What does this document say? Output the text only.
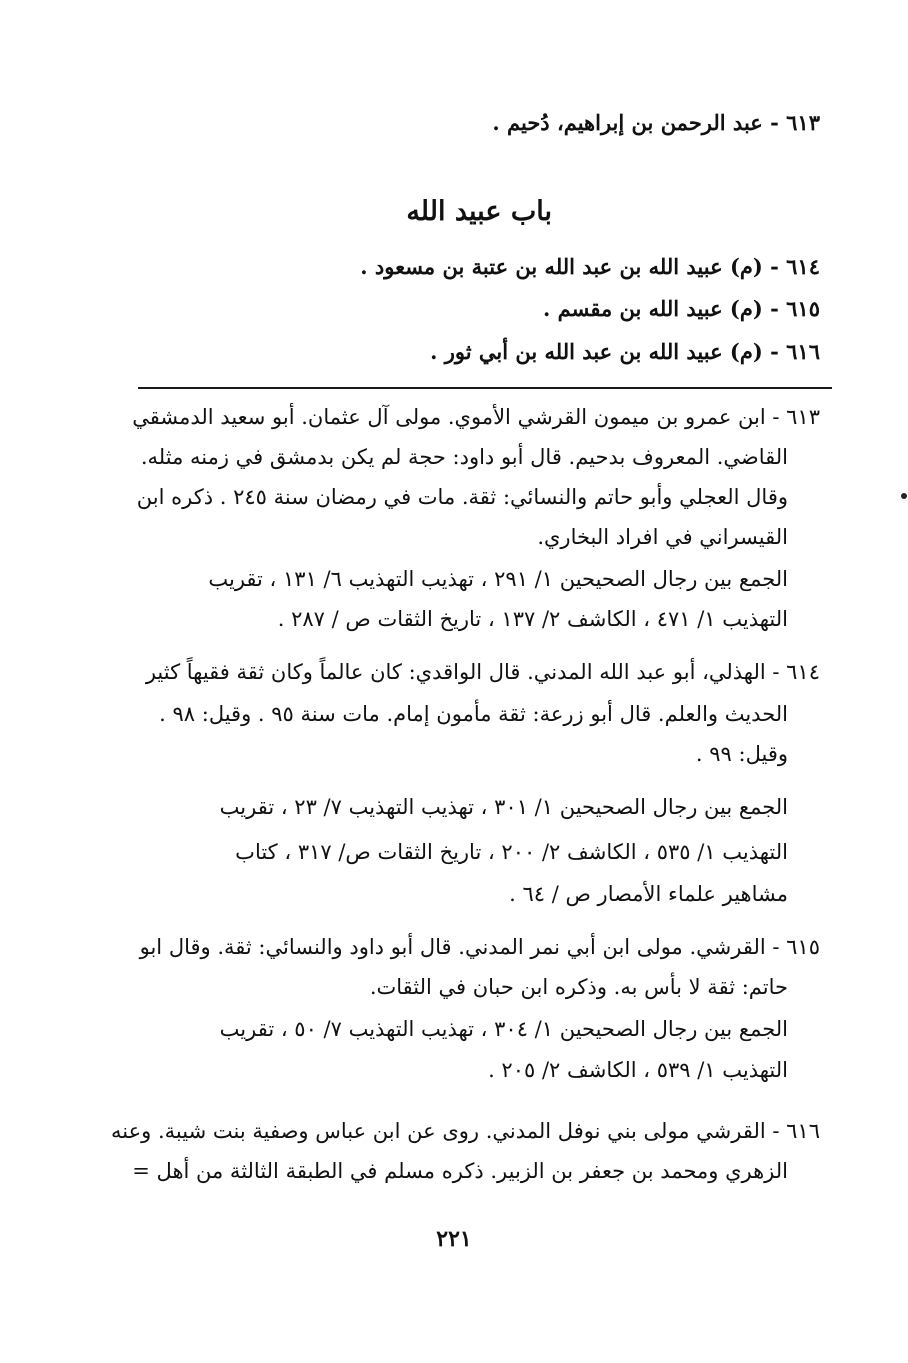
٦١٣ - عبد الرحمن بن إبراهيم، دُحيم .
باب عبيد الله
٦١٤ - (م) عبيد الله بن عبد الله بن عتبة بن مسعود .
٦١٥ - (م) عبيد الله بن مقسم .
٦١٦ - (م) عبيد الله بن عبد الله بن أبي ثور .
٦١٣ - ابن عمرو بن ميمون القرشي الأموي. مولى آل عثمان. أبو سعيد الدمشقي
القاضي. المعروف بدحيم. قال أبو داود: حجة لم يكن بدمشق في زمنه مثله.
وقال العجلي وأبو حاتم والنسائي: ثقة. مات في رمضان سنة ٢٤٥ . ذكره ابن
القيسراني في افراد البخاري.
الجمع بين رجال الصحيحين ١/ ٢٩١ ، تهذيب التهذيب ٦/ ١٣١ ، تقريب
التهذيب ١/ ٤٧١ ، الكاشف ٢/ ١٣٧ ، تاريخ الثقات ص / ٢٨٧ .
٦١٤ - الهذلي، أبو عبد الله المدني. قال الواقدي: كان عالماً وكان ثقة فقيهاً كثير
الحديث والعلم. قال أبو زرعة: ثقة مأمون إمام. مات سنة ٩٥ . وقيل: ٩٨ .
وقيل: ٩٩ .
الجمع بين رجال الصحيحين ١/ ٣٠١ ، تهذيب التهذيب ٧/ ٢٣ ، تقريب
التهذيب ١/ ٥٣٥ ، الكاشف ٢/ ٢٠٠ ، تاريخ الثقات ص/ ٣١٧ ، كتاب
مشاهير علماء الأمصار ص / ٦٤ .
٦١٥ - القرشي. مولى ابن أبي نمر المدني. قال أبو داود والنسائي: ثقة. وقال ابو
حاتم: ثقة لا بأس به. وذكره ابن حبان في الثقات.
الجمع بين رجال الصحيحين ١/ ٣٠٤ ، تهذيب التهذيب ٧/ ٥٠ ، تقريب
التهذيب ١/ ٥٣٩ ، الكاشف ٢/ ٢٠٥ .
٦١٦ - القرشي مولى بني نوفل المدني. روى عن ابن عباس وصفية بنت شيبة. وعنه
الزهري ومحمد بن جعفر بن الزبير. ذكره مسلم في الطبقة الثالثة من أهل =
٢٢١
